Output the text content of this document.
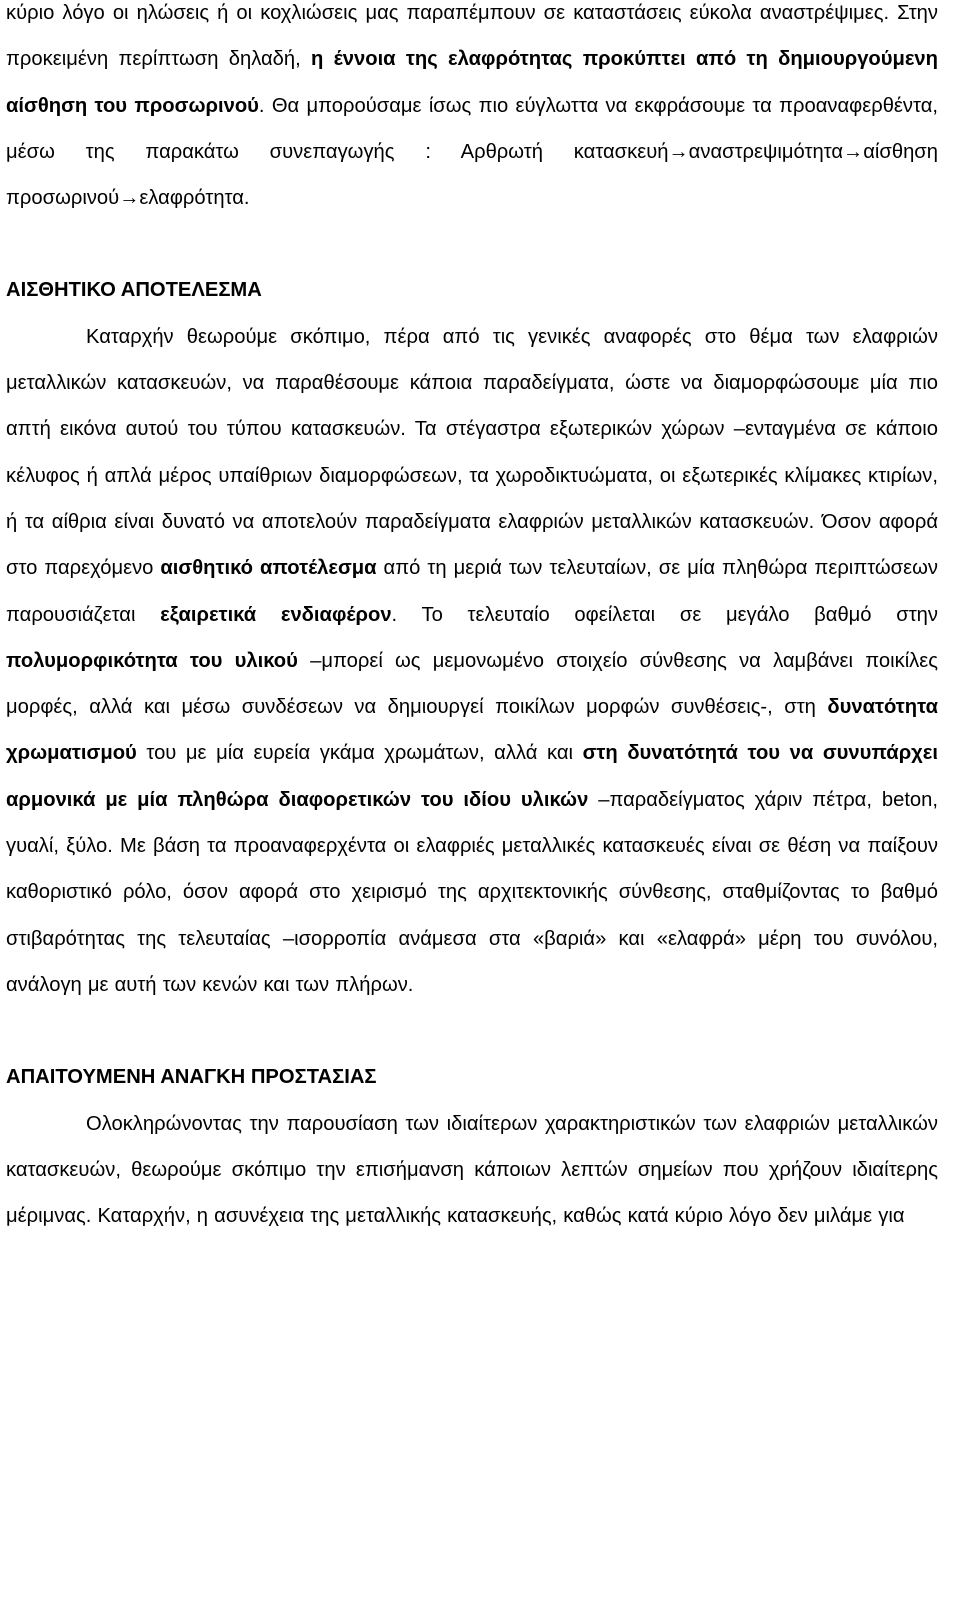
κύριο λόγο οι ηλώσεις ή οι κοχλιώσεις μας παραπέμπουν σε καταστάσεις εύκολα αναστρέψιμες. Στην προκειμένη περίπτωση δηλαδή, η έννοια της ελαφρότητας προκύπτει από τη δημιουργούμενη αίσθηση του προσωρινού. Θα μπορούσαμε ίσως πιο εύγλωττα να εκφράσουμε τα προαναφερθέντα, μέσω της παρακάτω συνεπαγωγής : Αρθρωτή κατασκευή→αναστρεψιμότητα→αίσθηση προσωρινού→ελαφρότητα.

ΑΙΣΘΗΤΙΚΟ ΑΠΟΤΕΛΕΣΜΑ

Καταρχήν θεωρούμε σκόπιμο, πέρα από τις γενικές αναφορές στο θέμα των ελαφριών μεταλλικών κατασκευών, να παραθέσουμε κάποια παραδείγματα, ώστε να διαμορφώσουμε μία πιο απτή εικόνα αυτού του τύπου κατασκευών. Τα στέγαστρα εξωτερικών χώρων –ενταγμένα σε κάποιο κέλυφος ή απλά μέρος υπαίθριων διαμορφώσεων, τα χωροδικτυώματα, οι εξωτερικές κλίμακες κτιρίων, ή τα αίθρια είναι δυνατό να αποτελούν παραδείγματα ελαφριών μεταλλικών κατασκευών. Όσον αφορά στο παρεχόμενο αισθητικό αποτέλεσμα από τη μεριά των τελευταίων, σε μία πληθώρα περιπτώσεων παρουσιάζεται εξαιρετικά ενδιαφέρον. Το τελευταίο οφείλεται σε μεγάλο βαθμό στην πολυμορφικότητα του υλικού –μπορεί ως μεμονωμένο στοιχείο σύνθεσης να λαμβάνει ποικίλες μορφές, αλλά και μέσω συνδέσεων να δημιουργεί ποικίλων μορφών συνθέσεις-, στη δυνατότητα χρωματισμού του με μία ευρεία γκάμα χρωμάτων, αλλά και στη δυνατότητά του να συνυπάρχει αρμονικά με μία πληθώρα διαφορετικών του ιδίου υλικών –παραδείγματος χάριν πέτρα, beton, γυαλί, ξύλο. Με βάση τα προαναφερχέντα οι ελαφριές μεταλλικές κατασκευές είναι σε θέση να παίξουν καθοριστικό ρόλο, όσον αφορά στο χειρισμό της αρχιτεκτονικής σύνθεσης, σταθμίζοντας το βαθμό στιβαρότητας της τελευταίας –ισορροπία ανάμεσα στα «βαριά» και «ελαφρά» μέρη του συνόλου, ανάλογη με αυτή των κενών και των πλήρων.

ΑΠΑΙΤΟΥΜΕΝΗ ΑΝΑΓΚΗ ΠΡΟΣΤΑΣΙΑΣ

Ολοκληρώνοντας την παρουσίαση των ιδιαίτερων χαρακτηριστικών των ελαφριών μεταλλικών κατασκευών, θεωρούμε σκόπιμο την επισήμανση κάποιων λεπτών σημείων που χρήζουν ιδιαίτερης μέριμνας. Καταρχήν, η ασυνέχεια της μεταλλικής κατασκευής, καθώς κατά κύριο λόγο δεν μιλάμε για
